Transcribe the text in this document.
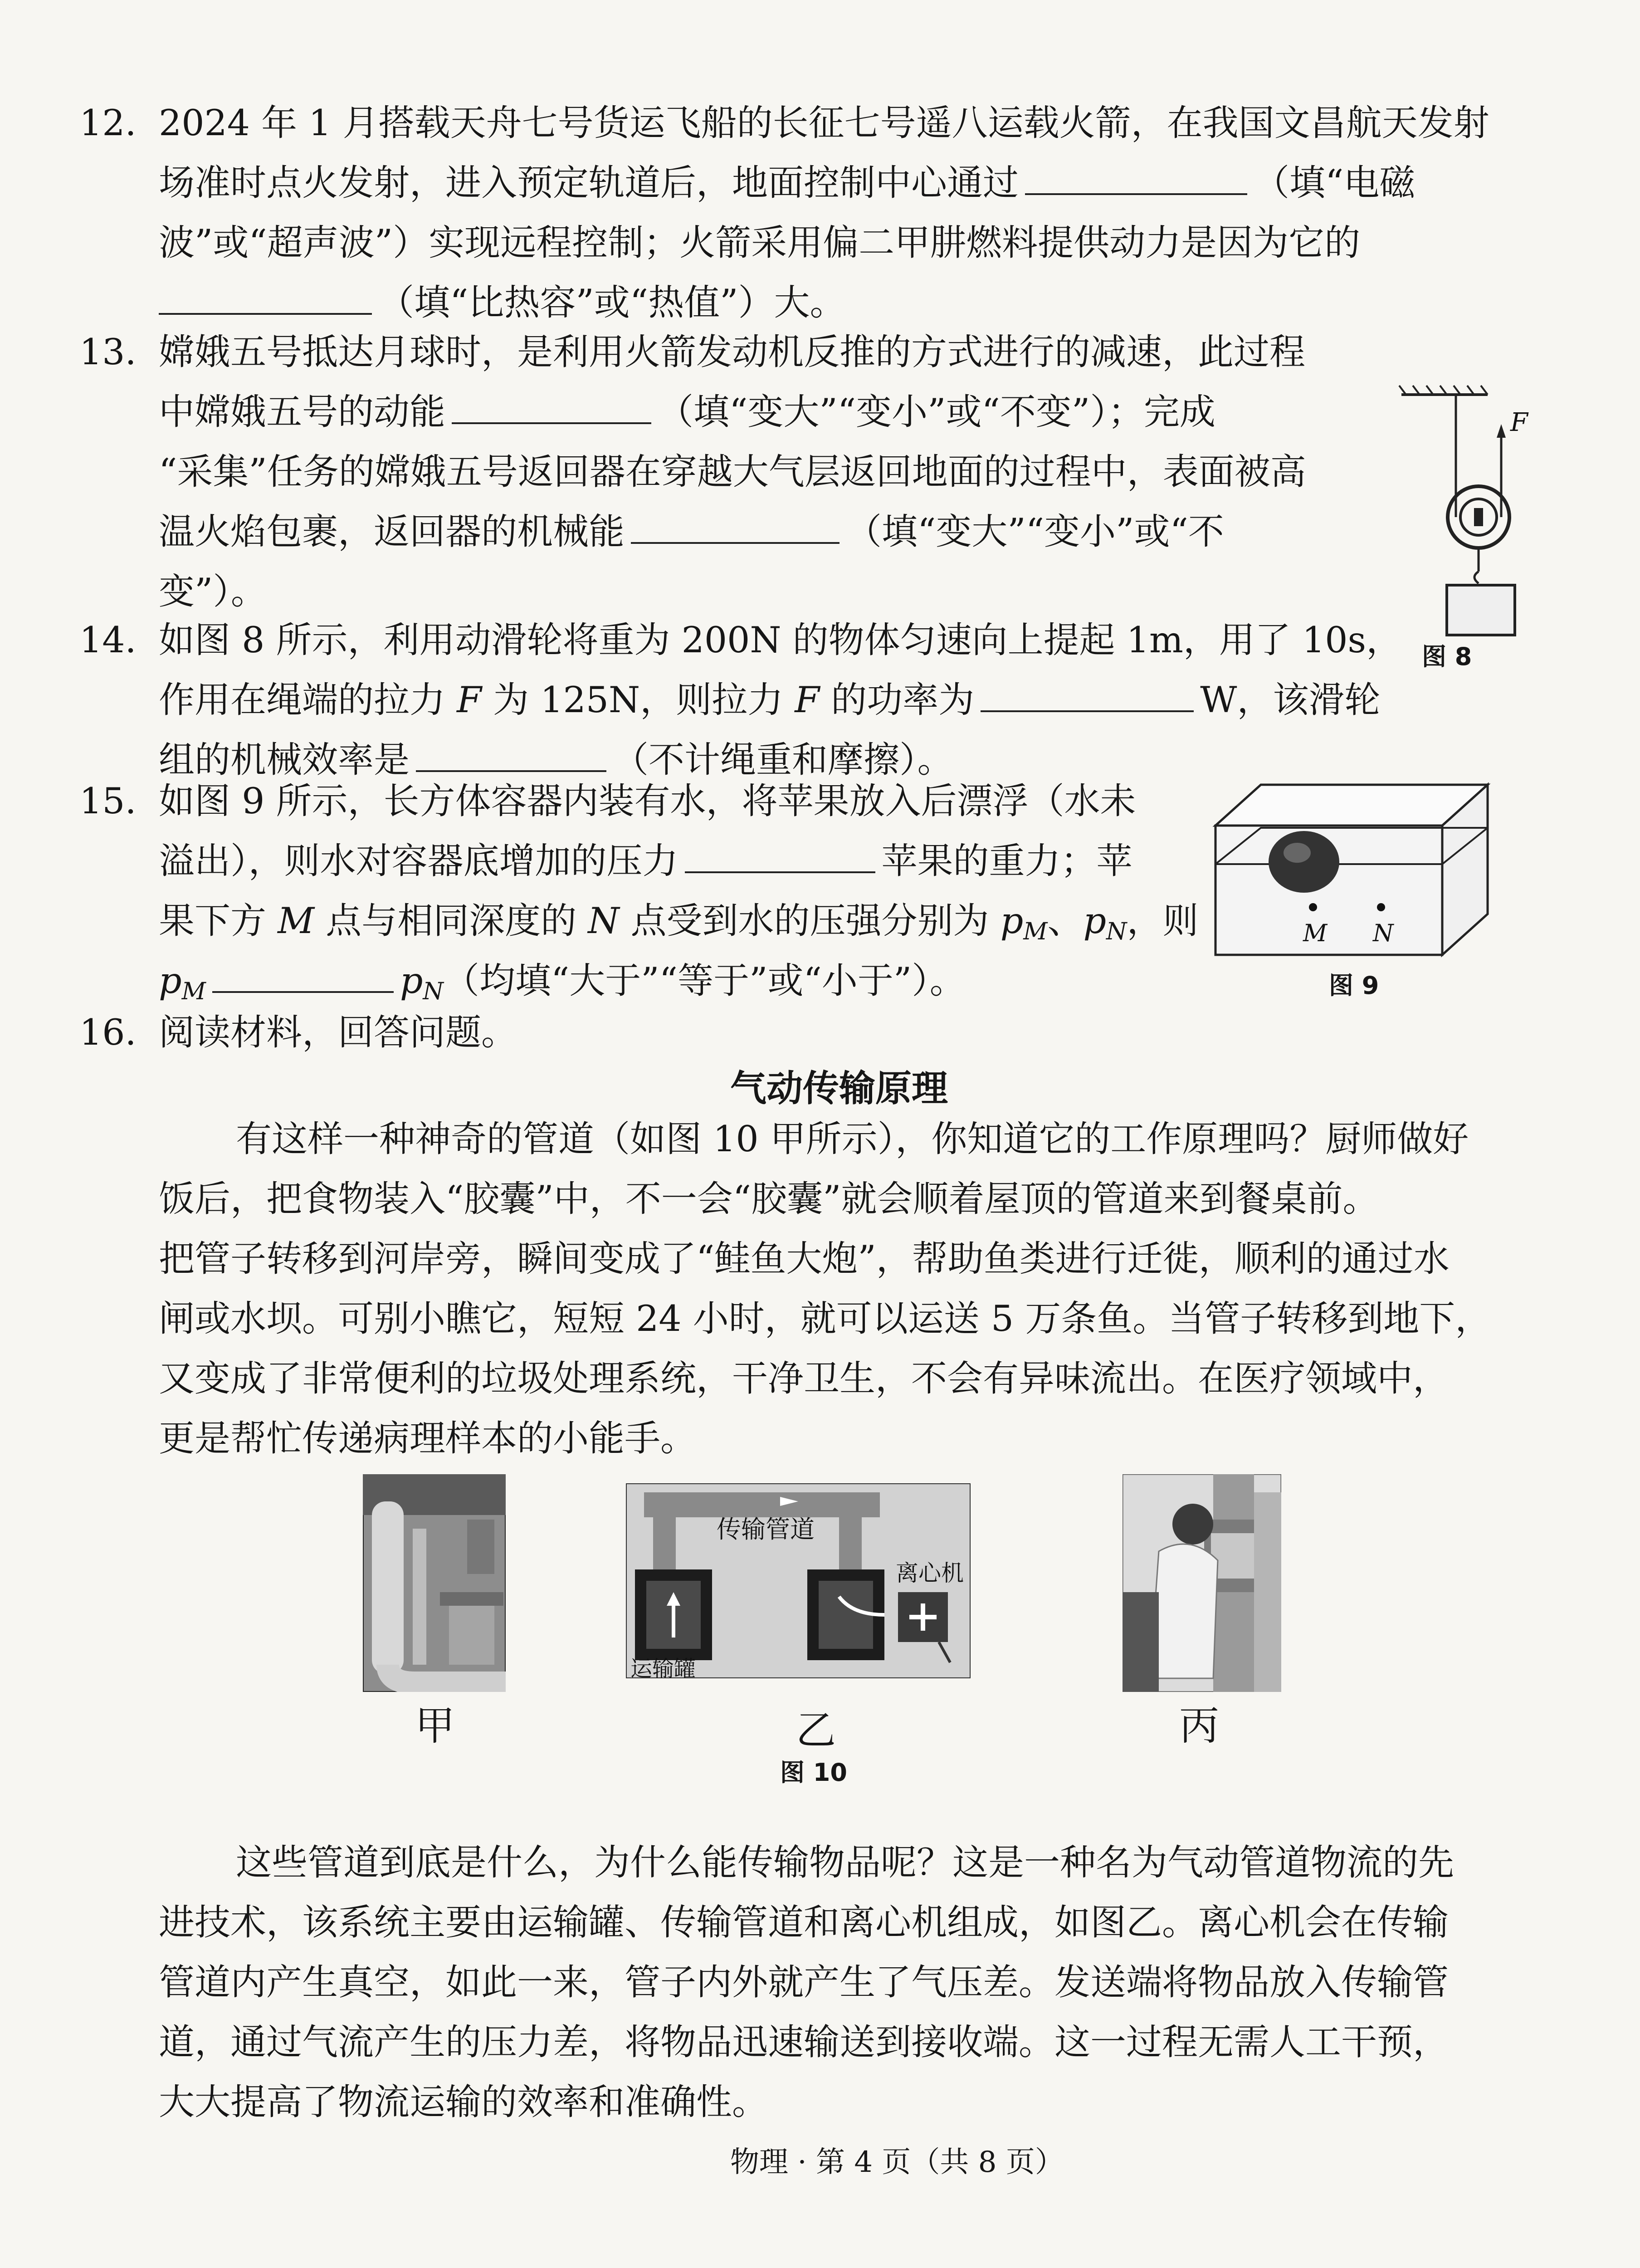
12. 2024 年 1 月搭载天舟七号货运飞船的长征七号遥八运载火箭，在我国文昌航天发射
场准时点火发射，进入预定轨道后，地面控制中心通过	（填“电磁
波”或“超声波”）实现远程控制；火箭采用偏二甲肼燃料提供动力是因为它的
（填“比热容”或“热值”）大。
13. 嫦娥五号抵达月球时，是利用火箭发动机反推的方式进行的减速，此过程
中嫦娥五号的动能	（填“变大”“变小”或“不变”）；完成
“采集”任务的嫦娥五号返回器在穿越大气层返回地面的过程中，表面被高
温火焰包裹，返回器的机械能	（填“变大”“变小”或“不
变”）。
F
图 8
14. 如图 8 所示，利用动滑轮将重为 200N 的物体匀速向上提起 1m，用了 10s，
作用在绳端的拉力 F 为 125N，则拉力 F 的功率为	W，该滑轮
组的机械效率是	（不计绳重和摩擦）。
M N
图 9
15. 如图 9 所示，长方体容器内装有水，将苹果放入后漂浮（水未
溢出），则水对容器底增加的压力	苹果的重力；苹
果下方 M 点与相同深度的 N 点受到水的压强分别为 $p_M$、$p_N$，则
$p_M$	$p_N$（均填“大于”“等于”或“小于”）。
16. 阅读材料，回答问题。
气动传输原理
有这样一种神奇的管道（如图 10 甲所示），你知道它的工作原理吗？厨师做好
饭后，把食物装入“胶囊”中，不一会“胶囊”就会顺着屋顶的管道来到餐桌前。
把管子转移到河岸旁，瞬间变成了“鲑鱼大炮”，帮助鱼类进行迁徙，顺利的通过水
闸或水坝。可别小瞧它，短短 24 小时，就可以运送 5 万条鱼。当管子转移到地下，
又变成了非常便利的垃圾处理系统，干净卫生，不会有异味流出。在医疗领域中，
更是帮忙传递病理样本的小能手。
传输管道
离心机
运输罐
甲	乙	丙
图 10
这些管道到底是什么，为什么能传输物品呢？这是一种名为气动管道物流的先
进技术，该系统主要由运输罐、传输管道和离心机组成，如图乙。离心机会在传输
管道内产生真空，如此一来，管子内外就产生了气压差。发送端将物品放入传输管
道，通过气流产生的压力差，将物品迅速输送到接收端。这一过程无需人工干预，
大大提高了物流运输的效率和准确性。
物理 · 第 4 页（共 8 页）
